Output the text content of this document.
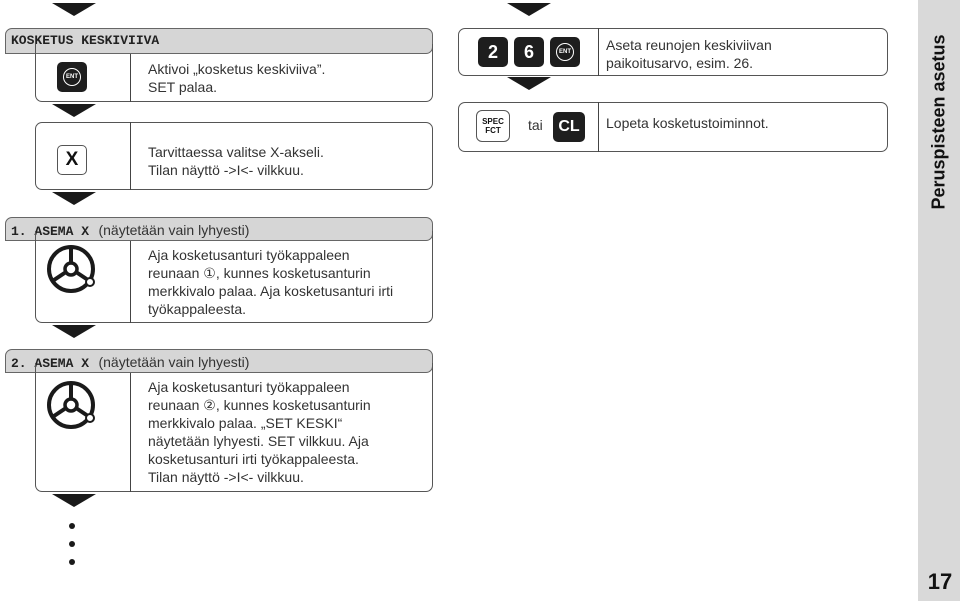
Peruspisteen asetus
17
KOSKETUS KESKIVIIVA
ENT	Aktivoi „kosketus keskiviiva”.
SET palaa.
X	Tarvittaessa valitse X-akseli.
Tilan näyttö ->I<- vilkkuu.
1. ASEMA X (näytetään vain lyhyesti)
Aja kosketusanturi työkappaleen
reunaan ①, kunnes kosketusanturin
merkkivalo palaa. Aja kosketusanturi irti
työkappaleesta.
2. ASEMA X (näytetään vain lyhyesti)
Aja kosketusanturi työkappaleen
reunaan ②, kunnes kosketusanturin
merkkivalo palaa. „SET KESKI“
näytetään lyhyesti. SET vilkkuu. Aja
kosketusanturi irti työkappaleesta.
Tilan näyttö ->I<- vilkkuu.
2	6	ENT	Aseta reunojen keskiviivan
paikoitusarvo, esim. 26.
SPEC
FCT tai CL	Lopeta kosketustoiminnot.
